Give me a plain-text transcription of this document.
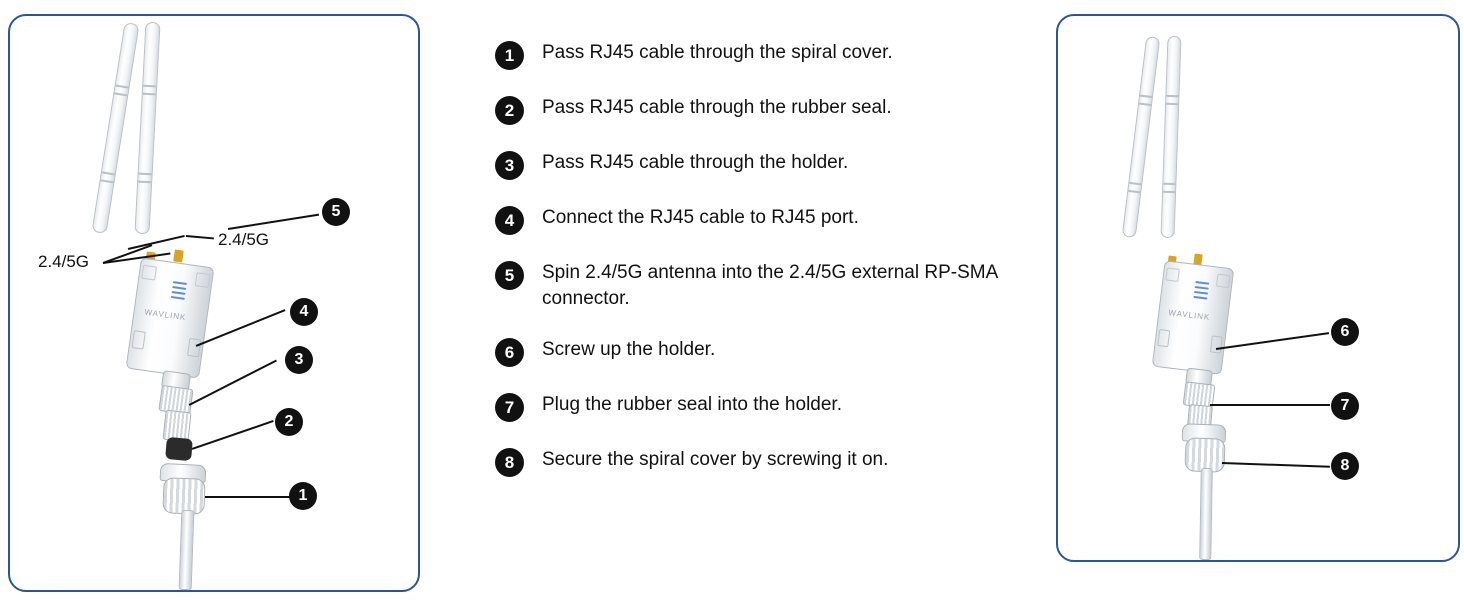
WAVLINK
2.4/5G
2.4/5G
5
4
3
2
1
1	Pass RJ45 cable through the spiral cover.
2	Pass RJ45 cable through the rubber seal.
3	Pass RJ45 cable through the holder.
4	Connect the RJ45 cable to RJ45 port.
5	Spin 2.4/5G antenna into the 2.4/5G external RP-SMA connector.
6	Screw up the holder.
7	Plug the rubber seal into the holder.
8	Secure the spiral cover by screwing it on.
WAVLINK
6
7
8
